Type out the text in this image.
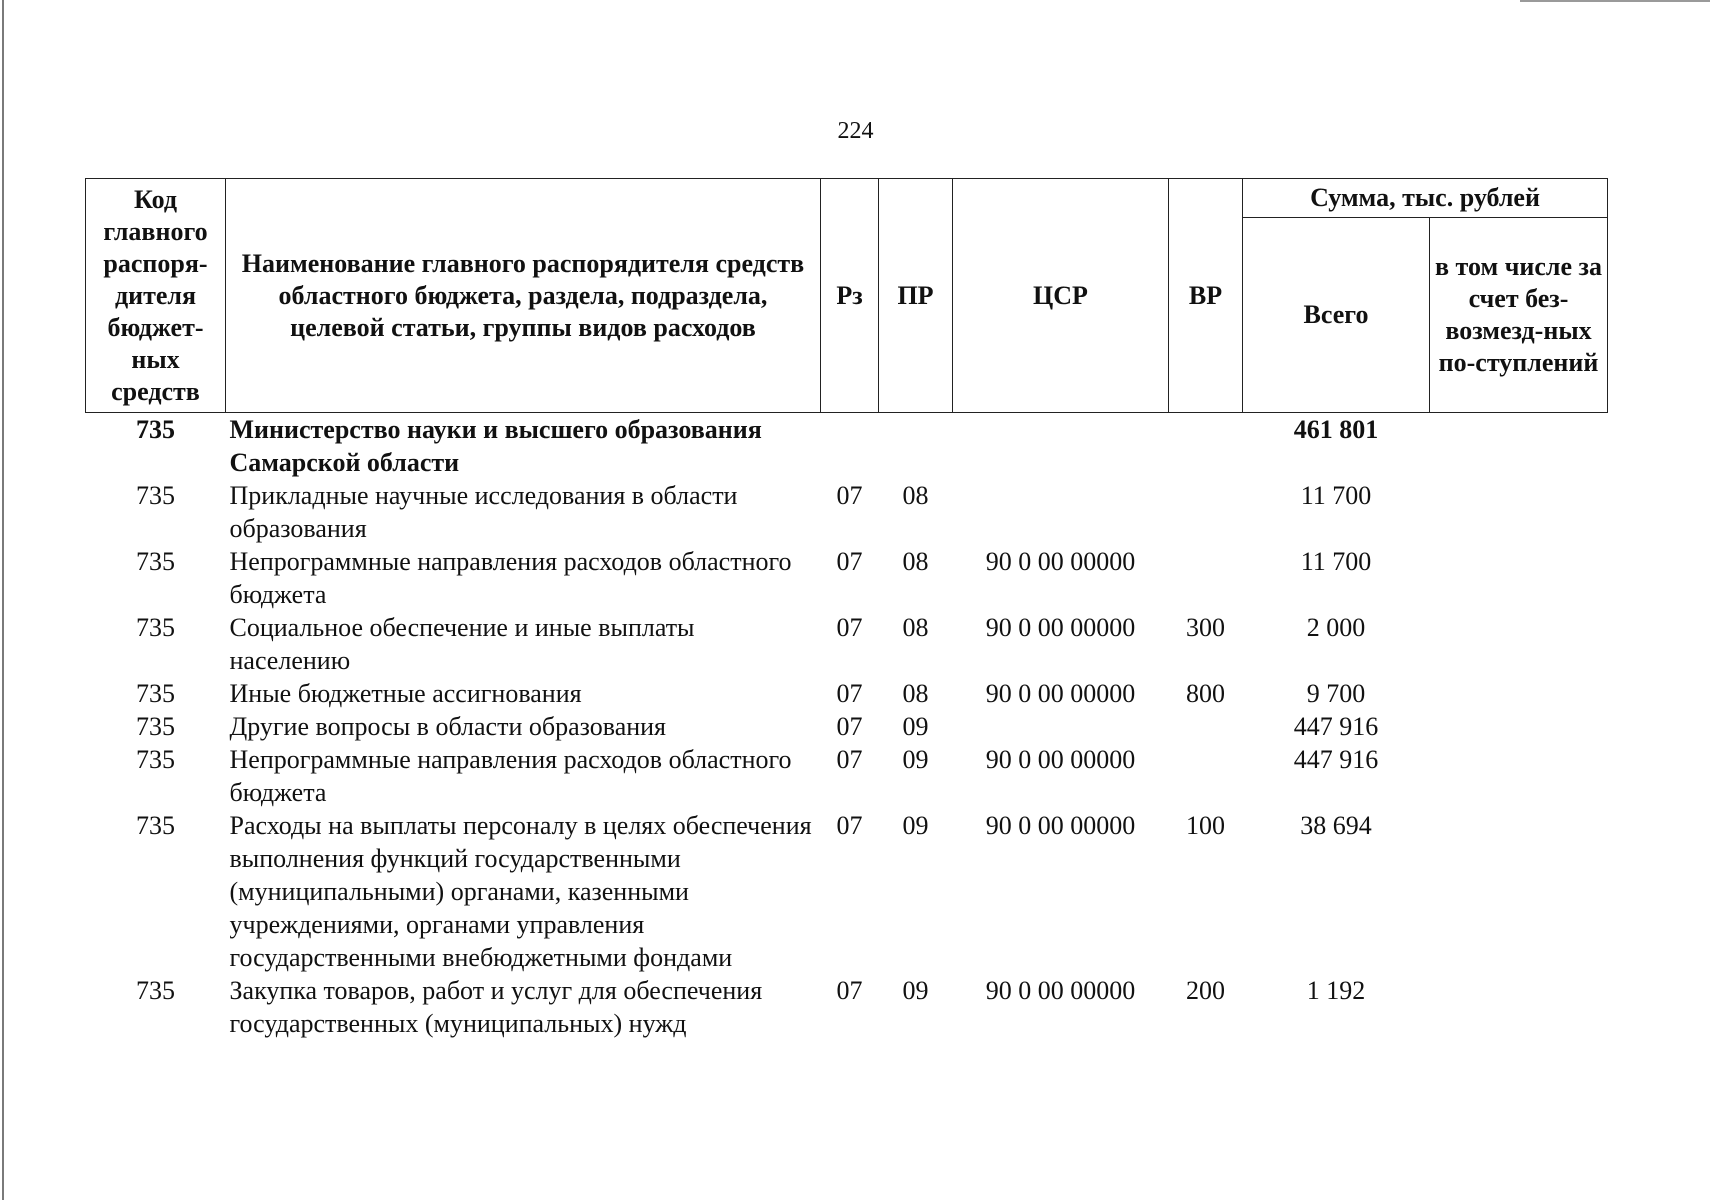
224
Код главного распоря-дителя бюджет-ных средств	Наименование главного распорядителя средств областного бюджета, раздела, подраздела, целевой статьи, группы видов расходов	Рз	ПР	ЦСР	ВР	Сумма, тыс. рублей	
						Всего	в том числе за счет без-возмезд-ных по-ступлений
735	Министерство науки и высшего образования Самарской области					461 801	
735	Прикладные научные исследования в области образования	07	08			11 700	
735	Непрограммные направления расходов областного бюджета	07	08	90 0 00 00000		11 700	
735	Социальное обеспечение и иные выплаты населению	07	08	90 0 00 00000	300	2 000	
735	Иные бюджетные ассигнования	07	08	90 0 00 00000	800	9 700	
735	Другие вопросы в области образования	07	09			447 916	
735	Непрограммные направления расходов областного бюджета	07	09	90 0 00 00000		447 916	
735	Расходы на выплаты персоналу в целях обеспечения выполнения функций государственными (муниципальными) органами, казенными учреждениями, органами управления государственными внебюджетными фондами	07	09	90 0 00 00000	100	38 694	
735	Закупка товаров, работ и услуг для обеспечения государственных (муниципальных) нужд	07	09	90 0 00 00000	200	1 192	
